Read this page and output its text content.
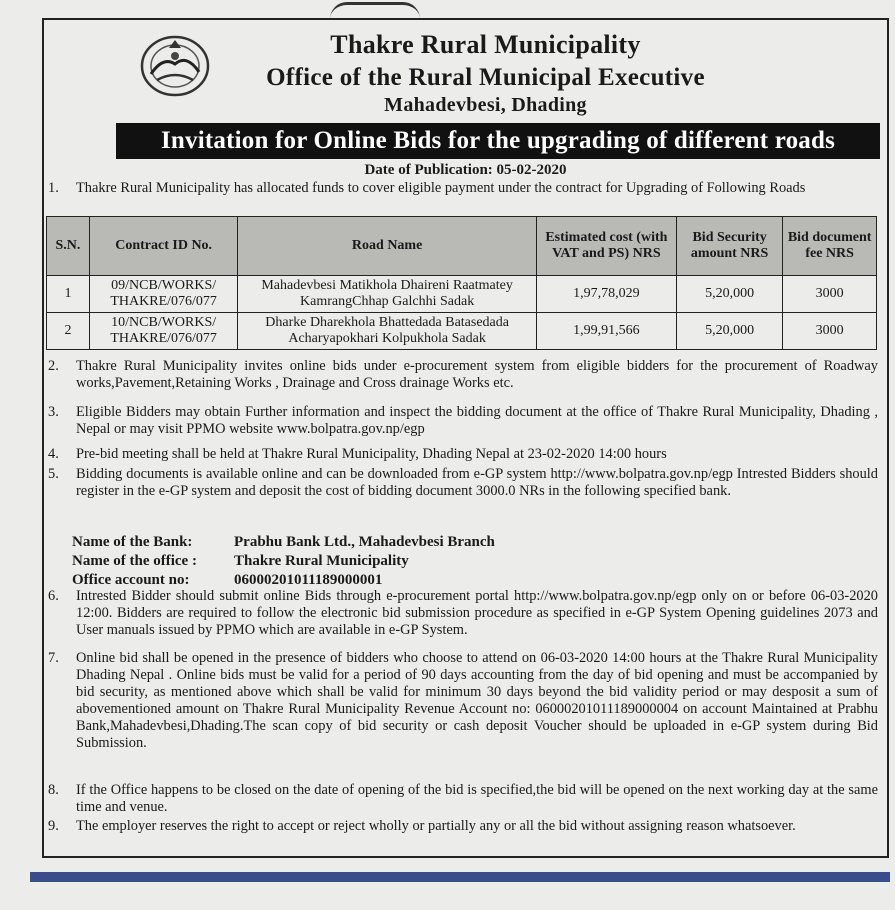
Thakre Rural Municipality
Office of the Rural Municipal Executive
Mahadevbesi, Dhading
Invitation for Online Bids for the upgrading of different roads
Date of Publication: 05-02-2020
1.	Thakre Rural Municipality has allocated funds to cover eligible payment under the contract for Upgrading of Following Roads
S.N.	Contract ID No.	Road Name	Estimated cost (with VAT and PS) NRS	Bid Security amount NRS	Bid document fee NRS
1	09/NCB/WORKS/ THAKRE/076/077	Mahadevbesi Matikhola Dhaireni Raatmatey KamrangChhap Galchhi Sadak	1,97,78,029	5,20,000	3000
2	10/NCB/WORKS/ THAKRE/076/077	Dharke Dharekhola Bhattedada Batasedada Acharyapokhari Kolpukhola Sadak	1,99,91,566	5,20,000	3000
2.	Thakre Rural Municipality invites online bids under e-procurement system from eligible bidders for the procurement of Roadway works,Pavement,Retaining Works , Drainage and Cross drainage Works etc.
3.	Eligible Bidders may obtain Further information and inspect the bidding document at the office of Thakre Rural Municipality, Dhading , Nepal or may visit PPMO website www.bolpatra.gov.np/egp
4.	Pre-bid meeting shall be held at Thakre Rural Municipality, Dhading Nepal at 23-02-2020 14:00 hours
5.	Bidding documents is available online and can be downloaded from e-GP system http://www.bolpatra.gov.np/egp Intrested Bidders should register in the e-GP system and deposit the cost of bidding document 3000.0 NRs in the following specified bank.
Name of the Bank:	Prabhu Bank Ltd., Mahadevbesi Branch
Name of the office :	Thakre Rural Municipality
Office account no:	06000201011189000001
6.	Intrested Bidder should submit online Bids through e-procurement portal http://www.bolpatra.gov.np/egp only on or before 06-03-2020 12:00. Bidders are required to follow the electronic bid submission procedure as specified in e-GP System Opening guidelines 2073 and User manuals issued by PPMO which are available in e-GP System.
7.	Online bid shall be opened in the presence of bidders who choose to attend on 06-03-2020 14:00 hours at the Thakre Rural Municipality Dhading Nepal . Online bids must be valid for a period of 90 days accounting from the day of bid opening and must be accompanied by bid security, as mentioned above which shall be valid for minimum 30 days beyond the bid validity period or may desposit a sum of abovementioned amount on Thakre Rural Municipality Revenue Account no: 06000201011189000004 on account Maintained at Prabhu Bank,Mahadevbesi,Dhading.The scan copy of bid security or cash deposit Voucher should be uploaded in e-GP system during Bid Submission.
8.	If the Office happens to be closed on the date of opening of the bid is specified,the bid will be opened on the next working day at the same time and venue.
9.	The employer reserves the right to accept or reject wholly or partially any or all the bid without assigning reason whatsoever.
